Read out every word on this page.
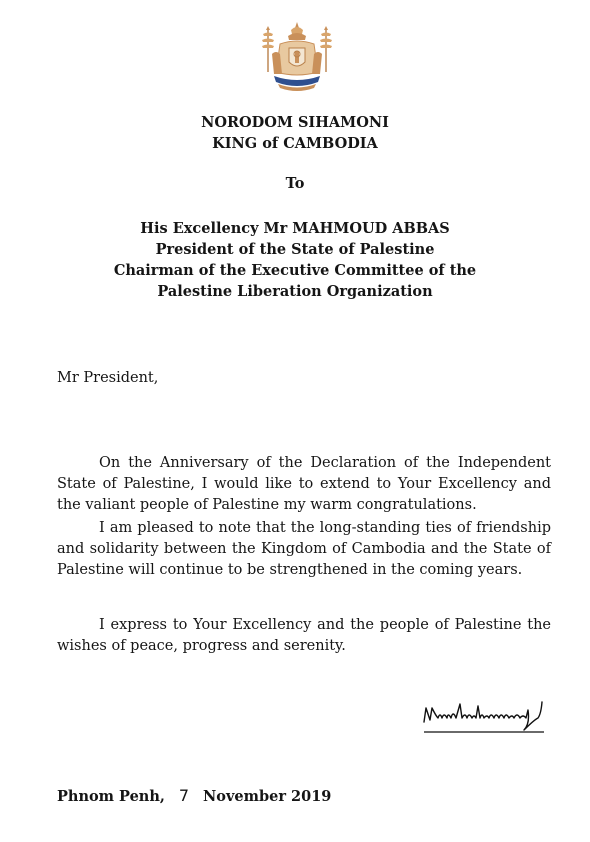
NORODOM SIHAMONI
KING of CAMBODIA
To
His Excellency Mr MAHMOUD ABBAS
President of the State of Palestine
Chairman of the Executive Committee of the
Palestine Liberation Organization
Mr President,

On the Anniversary of the Declaration of the Independent State of Palestine, I would like to extend to Your Excellency and the valiant people of Palestine my warm congratulations.

I am pleased to note that the long-standing ties of friendship and solidarity between the Kingdom of Cambodia and the State of Palestine will continue to be strengthened in the coming years.

I express to Your Excellency and the people of Palestine the wishes of peace, progress and serenity.

Phnom Penh, 7 November 2019
